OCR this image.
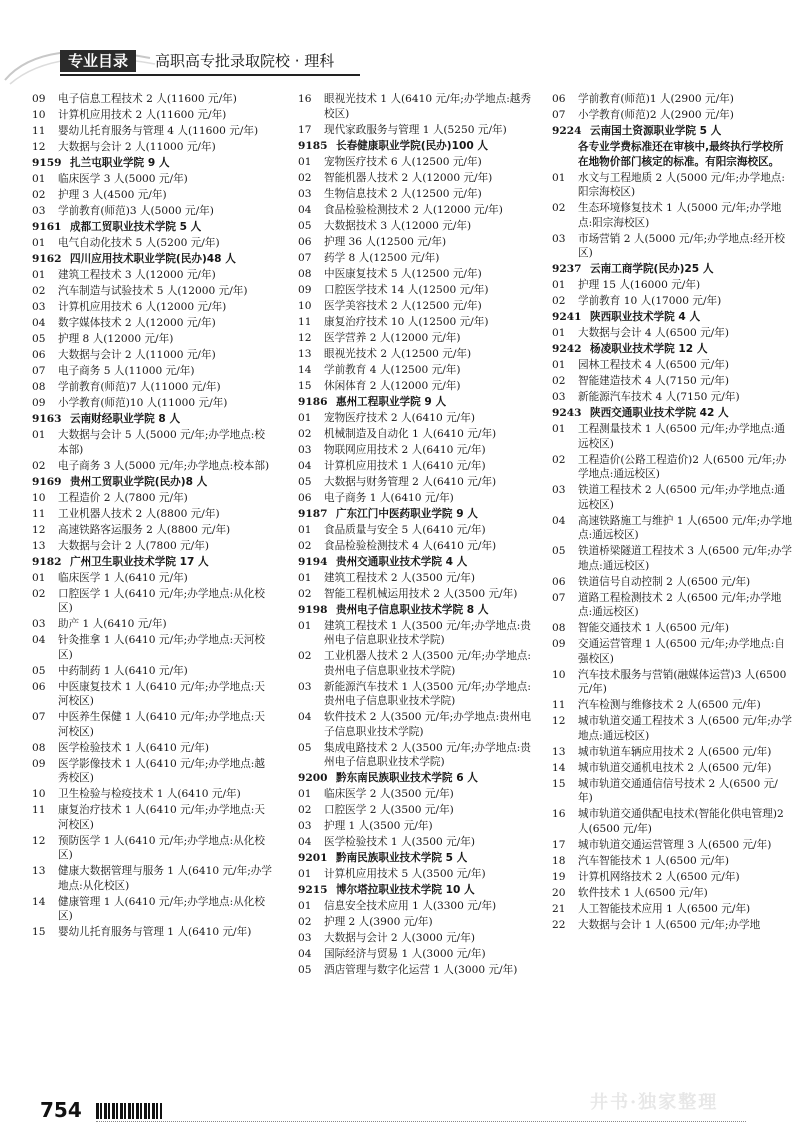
专业目录	高职高专批录取院校 · 理科
09	电子信息工程技术 2 人(11600 元/年)
10	计算机应用技术 2 人(11600 元/年)
11	婴幼儿托育服务与管理 4 人(11600 元/年)
12	大数据与会计 2 人(11000 元/年)
9159 扎兰屯职业学院 9 人
01	临床医学 3 人(5000 元/年)
02	护理 3 人(4500 元/年)
03	学前教育(师范)3 人(5000 元/年)
9161 成都工贸职业技术学院 5 人
01	电气自动化技术 5 人(5200 元/年)
9162 四川应用技术职业学院(民办)48 人
01	建筑工程技术 3 人(12000 元/年)
02	汽车制造与试验技术 5 人(12000 元/年)
03	计算机应用技术 6 人(12000 元/年)
04	数字媒体技术 2 人(12000 元/年)
05	护理 8 人(12000 元/年)
06	大数据与会计 2 人(11000 元/年)
07	电子商务 5 人(11000 元/年)
08	学前教育(师范)7 人(11000 元/年)
09	小学教育(师范)10 人(11000 元/年)
9163 云南财经职业学院 8 人
01	大数据与会计 5 人(5000 元/年;办学地点:校本部)
02	电子商务 3 人(5000 元/年;办学地点:校本部)
9169 贵州工贸职业学院(民办)8 人
10	工程造价 2 人(7800 元/年)
11	工业机器人技术 2 人(8800 元/年)
12	高速铁路客运服务 2 人(8800 元/年)
13	大数据与会计 2 人(7800 元/年)
9182 广州卫生职业技术学院 17 人
01	临床医学 1 人(6410 元/年)
02	口腔医学 1 人(6410 元/年;办学地点:从化校区)
03	助产 1 人(6410 元/年)
04	针灸推拿 1 人(6410 元/年;办学地点:天河校区)
05	中药制药 1 人(6410 元/年)
06	中医康复技术 1 人(6410 元/年;办学地点:天河校区)
07	中医养生保健 1 人(6410 元/年;办学地点:天河校区)
08	医学检验技术 1 人(6410 元/年)
09	医学影像技术 1 人(6410 元/年;办学地点:越秀校区)
10	卫生检验与检疫技术 1 人(6410 元/年)
11	康复治疗技术 1 人(6410 元/年;办学地点:天河校区)
12	预防医学 1 人(6410 元/年;办学地点:从化校区)
13	健康大数据管理与服务 1 人(6410 元/年;办学地点:从化校区)
14	健康管理 1 人(6410 元/年;办学地点:从化校区)
15	婴幼儿托育服务与管理 1 人(6410 元/年)
16	眼视光技术 1 人(6410 元/年;办学地点:越秀校区)
17	现代家政服务与管理 1 人(5250 元/年)
9185 长春健康职业学院(民办)100 人
01	宠物医疗技术 6 人(12500 元/年)
02	智能机器人技术 2 人(12000 元/年)
03	生物信息技术 2 人(12500 元/年)
04	食品检验检测技术 2 人(12000 元/年)
05	大数据技术 3 人(12000 元/年)
06	护理 36 人(12500 元/年)
07	药学 8 人(12500 元/年)
08	中医康复技术 5 人(12500 元/年)
09	口腔医学技术 14 人(12500 元/年)
10	医学美容技术 2 人(12500 元/年)
11	康复治疗技术 10 人(12500 元/年)
12	医学营养 2 人(12000 元/年)
13	眼视光技术 2 人(12500 元/年)
14	学前教育 4 人(12500 元/年)
15	休闲体育 2 人(12000 元/年)
9186 惠州工程职业学院 9 人
01	宠物医疗技术 2 人(6410 元/年)
02	机械制造及自动化 1 人(6410 元/年)
03	物联网应用技术 2 人(6410 元/年)
04	计算机应用技术 1 人(6410 元/年)
05	大数据与财务管理 2 人(6410 元/年)
06	电子商务 1 人(6410 元/年)
9187 广东江门中医药职业学院 9 人
01	食品质量与安全 5 人(6410 元/年)
02	食品检验检测技术 4 人(6410 元/年)
9194 贵州交通职业技术学院 4 人
01	建筑工程技术 2 人(3500 元/年)
02	智能工程机械运用技术 2 人(3500 元/年)
9198 贵州电子信息职业技术学院 8 人
01	建筑工程技术 1 人(3500 元/年;办学地点:贵州电子信息职业技术学院)
02	工业机器人技术 2 人(3500 元/年;办学地点:贵州电子信息职业技术学院)
03	新能源汽车技术 1 人(3500 元/年;办学地点:贵州电子信息职业技术学院)
04	软件技术 2 人(3500 元/年;办学地点:贵州电子信息职业技术学院)
05	集成电路技术 2 人(3500 元/年;办学地点:贵州电子信息职业技术学院)
9200 黔东南民族职业技术学院 6 人
01	临床医学 2 人(3500 元/年)
02	口腔医学 2 人(3500 元/年)
03	护理 1 人(3500 元/年)
04	医学检验技术 1 人(3500 元/年)
9201 黔南民族职业技术学院 5 人
01	计算机应用技术 5 人(3500 元/年)
9215 博尔塔拉职业技术学院 10 人
01	信息安全技术应用 1 人(3300 元/年)
02	护理 2 人(3900 元/年)
03	大数据与会计 2 人(3000 元/年)
04	国际经济与贸易 1 人(3000 元/年)
05	酒店管理与数字化运营 1 人(3000 元/年)
06	学前教育(师范)1 人(2900 元/年)
07	小学教育(师范)2 人(2900 元/年)
9224 云南国土资源职业学院 5 人
各专业学费标准还在审核中,最终执行学校所在地物价部门核定的标准。有阳宗海校区。
01	水文与工程地质 2 人(5000 元/年;办学地点:阳宗海校区)
02	生态环境修复技术 1 人(5000 元/年;办学地点:阳宗海校区)
03	市场营销 2 人(5000 元/年;办学地点:经开校区)
9237 云南工商学院(民办)25 人
01	护理 15 人(16000 元/年)
02	学前教育 10 人(17000 元/年)
9241 陕西职业技术学院 4 人
01	大数据与会计 4 人(6500 元/年)
9242 杨凌职业技术学院 12 人
01	园林工程技术 4 人(6500 元/年)
02	智能建造技术 4 人(7150 元/年)
03	新能源汽车技术 4 人(7150 元/年)
9243 陕西交通职业技术学院 42 人
01	工程测量技术 1 人(6500 元/年;办学地点:通远校区)
02	工程造价(公路工程造价)2 人(6500 元/年;办学地点:通远校区)
03	铁道工程技术 2 人(6500 元/年;办学地点:通远校区)
04	高速铁路施工与维护 1 人(6500 元/年;办学地点:通远校区)
05	铁道桥梁隧道工程技术 3 人(6500 元/年;办学地点:通远校区)
06	铁道信号自动控制 2 人(6500 元/年)
07	道路工程检测技术 2 人(6500 元/年;办学地点:通远校区)
08	智能交通技术 1 人(6500 元/年)
09	交通运营管理 1 人(6500 元/年;办学地点:自强校区)
10	汽车技术服务与营销(融媒体运营)3 人(6500 元/年)
11	汽车检测与维修技术 2 人(6500 元/年)
12	城市轨道交通工程技术 3 人(6500 元/年;办学地点:通远校区)
13	城市轨道车辆应用技术 2 人(6500 元/年)
14	城市轨道交通机电技术 2 人(6500 元/年)
15	城市轨道交通通信信号技术 2 人(6500 元/年)
16	城市轨道交通供配电技术(智能化供电管理)2 人(6500 元/年)
17	城市轨道交通运营管理 3 人(6500 元/年)
18	汽车智能技术 1 人(6500 元/年)
19	计算机网络技术 2 人(6500 元/年)
20	软件技术 1 人(6500 元/年)
21	人工智能技术应用 1 人(6500 元/年)
22	大数据与会计 1 人(6500 元/年;办学地
井书·独家整理
754
